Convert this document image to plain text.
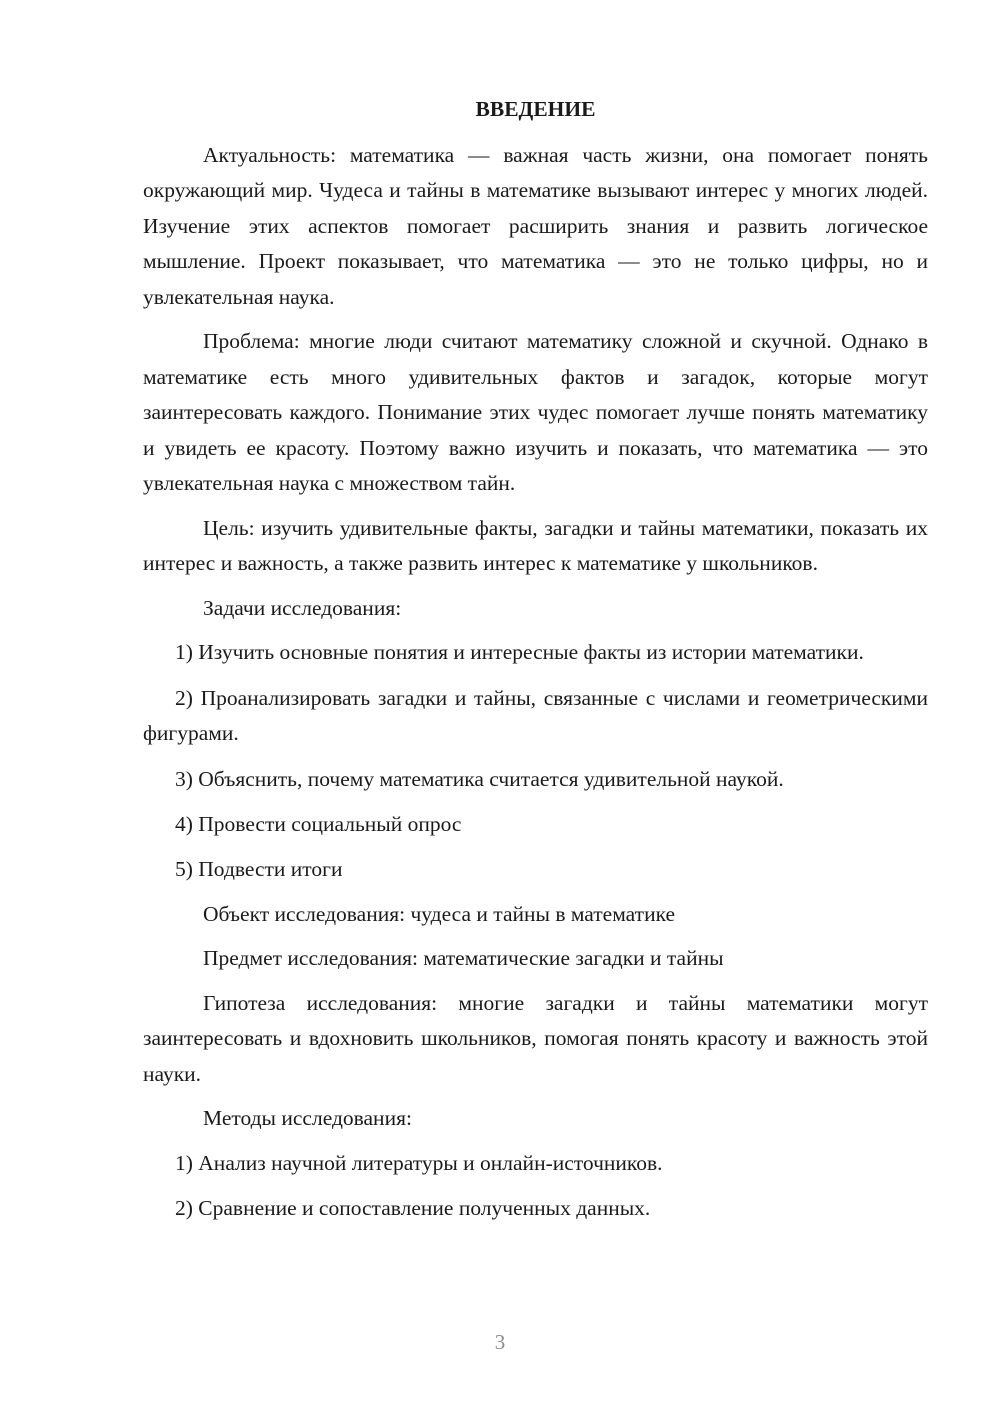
ВВЕДЕНИЕ

Актуальность: математика — важная часть жизни, она помогает понять окружающий мир. Чудеса и тайны в математике вызывают интерес у многих людей. Изучение этих аспектов помогает расширить знания и развить логическое мышление. Проект показывает, что математика — это не только цифры, но и увлекательная наука.

Проблема: многие люди считают математику сложной и скучной. Однако в математике есть много удивительных фактов и загадок, которые могут заинтересовать каждого. Понимание этих чудес помогает лучше понять математику и увидеть ее красоту. Поэтому важно изучить и показать, что математика — это увлекательная наука с множеством тайн.

Цель: изучить удивительные факты, загадки и тайны математики, показать их интерес и важность, а также развить интерес к математике у школьников.

Задачи исследования:

1) Изучить основные понятия и интересные факты из истории математики.

2) Проанализировать загадки и тайны, связанные с числами и геометрическими фигурами.

3) Объяснить, почему математика считается удивительной наукой.

4) Провести социальный опрос

5) Подвести итоги

Объект исследования: чудеса и тайны в математике

Предмет исследования: математические загадки и тайны

Гипотеза исследования: многие загадки и тайны математики могут заинтересовать и вдохновить школьников, помогая понять красоту и важность этой науки.

Методы исследования:

1) Анализ научной литературы и онлайн-источников.

2) Сравнение и сопоставление полученных данных.

3
